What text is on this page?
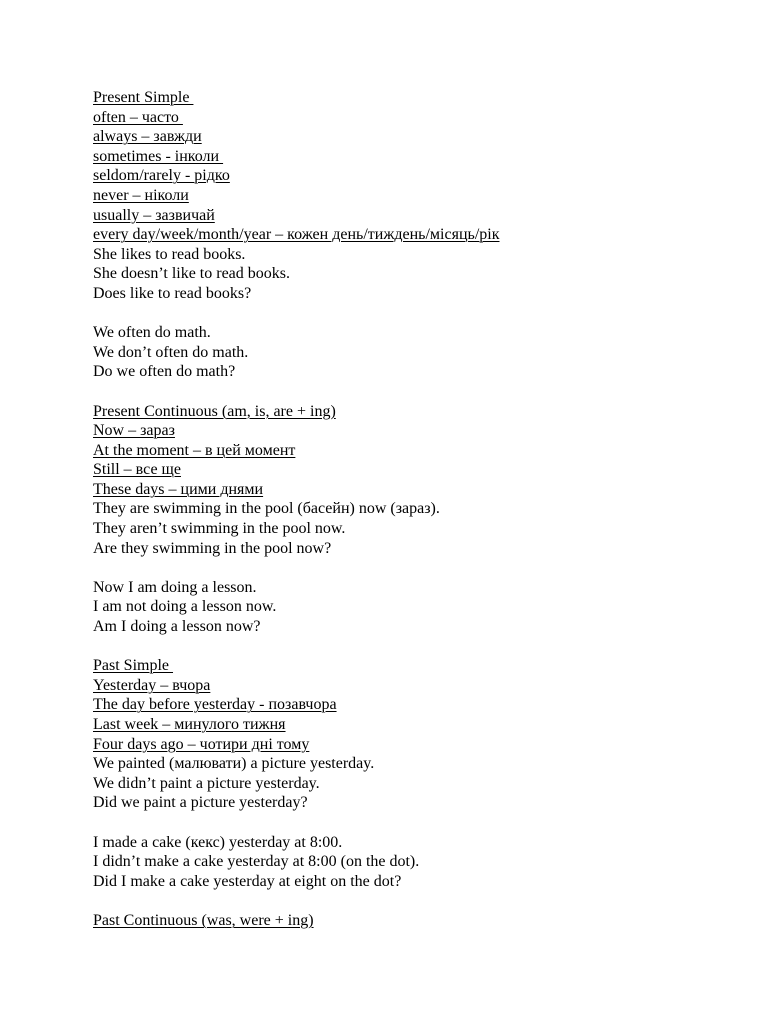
Present Simple
often – часто
always – завжди
sometimes - інколи
seldom/rarely - рідко
never – ніколи
usually – зазвичай
every day/week/month/year – кожен день/тиждень/місяць/рік
She likes to read books.
She doesn’t like to read books.
Does like to read books?
We often do math.
We don’t often do math.
Do we often do math?
Present Continuous (am, is, are + ing)
Now – зараз
At the moment – в цей момент
Still – все ще
These days – цими днями
They are swimming in the pool (басейн) now (зараз).
They aren’t swimming in the pool now.
Are they swimming in the pool now?
Now I am doing a lesson.
I am not doing a lesson now.
Am I doing a lesson now?
Past Simple
Yesterday – вчора
The day before yesterday - позавчора
Last week – минулого тижня
Four days ago – чотири дні тому
We painted (малювати) a picture yesterday.
We didn’t paint a picture yesterday.
Did we paint a picture yesterday?
I made a cake (кекс) yesterday at 8:00.
I didn’t make a cake yesterday at 8:00 (on the dot).
Did I make a cake yesterday at eight on the dot?
Past Continuous (was, were + ing)
